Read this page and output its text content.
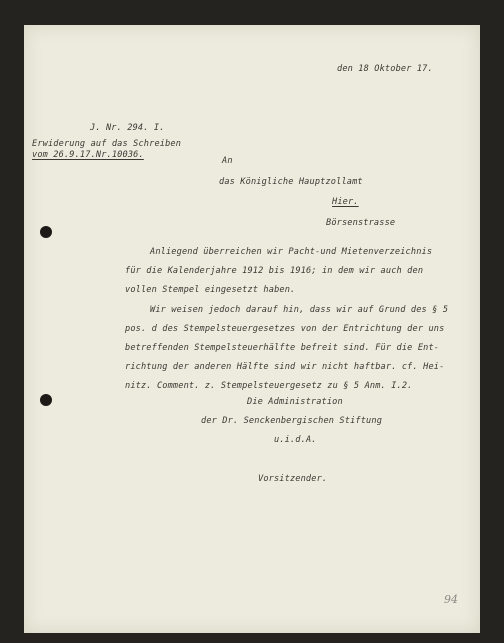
den 18 Oktober 17.

J. Nr. 294. I.

Erwiderung auf das Schreiben

vom 26.9.17.Nr.10036.

An

das Königliche Hauptzollamt

Hier.

Börsenstrasse

Anliegend überreichen wir Pacht-und Mietenverzeichnis

für die Kalenderjahre 1912 bis 1916; in dem wir auch den

vollen Stempel eingesetzt haben.

Wir weisen jedoch darauf hin, dass wir auf Grund des § 5

pos. d des Stempelsteuergesetzes von der Entrichtung der uns

betreffenden Stempelsteuerhälfte befreit sind. Für die Ent-

richtung der anderen Hälfte sind wir nicht haftbar. cf. Hei-

nitz. Comment. z. Stempelsteuergesetz zu § 5 Anm. I.2.

Die Administration

der Dr. Senckenbergischen Stiftung

u.i.d.A.

Vorsitzender.

94
